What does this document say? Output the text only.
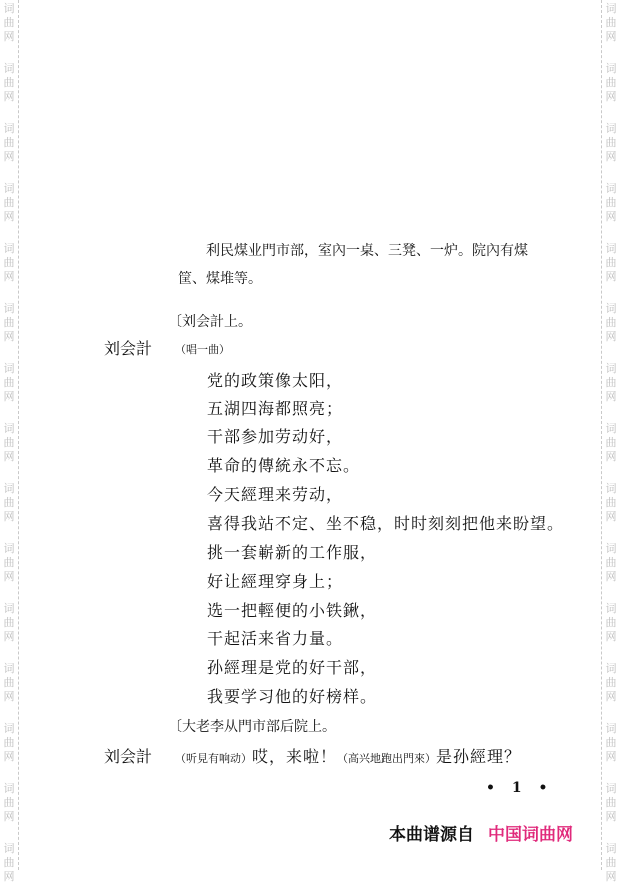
词
曲
网
词
曲
网
词
曲
网
词
曲
网
词
曲
网
词
曲
网
词
曲
网
词
曲
网
词
曲
网
词
曲
网
词
曲
网
词
曲
网
词
曲
网
词
曲
网
词
曲
网
词
曲
网
词
曲
网
词
曲
网
词
曲
网
词
曲
网
词
曲
网
词
曲
网
词
曲
网
词
曲
网
词
曲
网
词
曲
网
词
曲
网
词
曲
网
词
曲
网
词
曲
网
利民煤业門市部，室內一桌、三凳、一炉。院內有煤
筐、煤堆等。
〔刘会計上。
刘会計 （唱一曲）
党的政策像太阳，
五湖四海都照亮；
干部参加劳动好，
革命的傳統永不忘。
今天經理来劳动，
喜得我站不定、坐不稳，时时刻刻把他来盼望。
挑一套嶄新的工作服，
好让經理穿身上；
选一把輕便的小铁鍬，
干起活来省力量。
孙經理是党的好干部，
我要学习他的好榜样。
〔大老李从門市部后院上。
刘会計 （听見有响动）哎，来啦！（高兴地跑出門來）是孙經理？
• 1 •
本曲谱源自 中国词曲网
